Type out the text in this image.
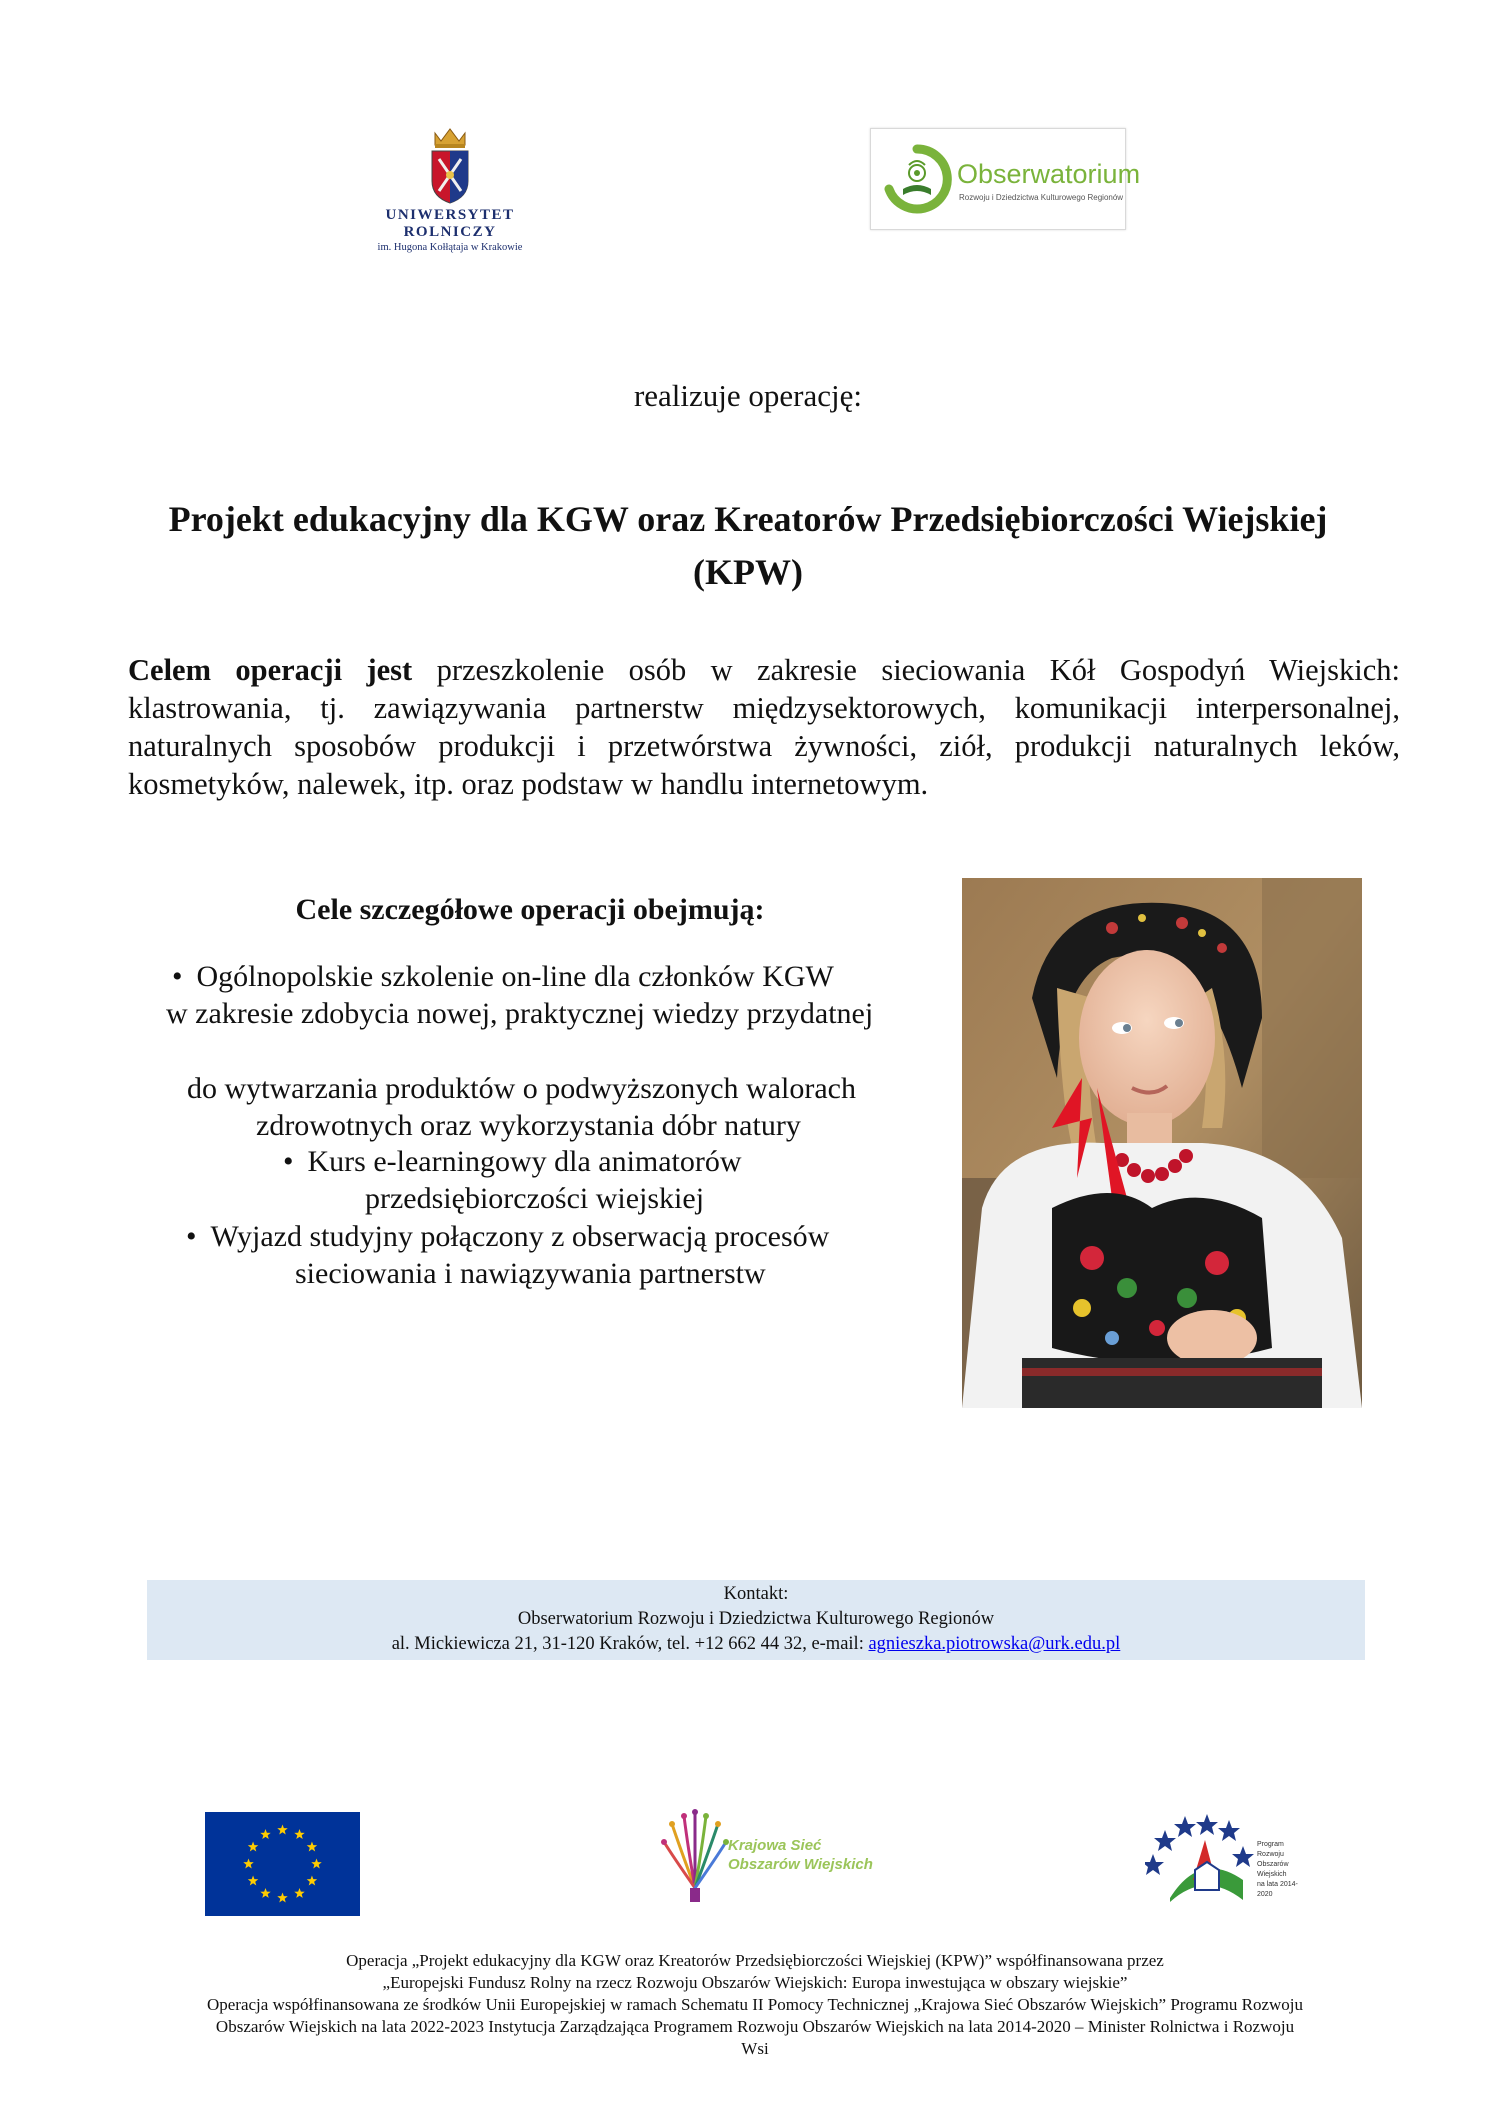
UNIWERSYTET ROLNICZY
im. Hugona Kołłątaja w Krakowie
Obserwatorium
Rozwoju i Dziedzictwa Kulturowego Regionów
realizuje operację:
Projekt edukacyjny dla KGW oraz Kreatorów Przedsiębiorczości Wiejskiej
(KPW)
Celem operacji jest przeszkolenie osób w zakresie sieciowania Kół Gospodyń Wiejskich: klastrowania, tj. zawiązywania partnerstw międzysektorowych, komunikacji interpersonalnej, naturalnych sposobów produkcji i przetwórstwa żywności, ziół, produkcji naturalnych leków, kosmetyków, nalewek, itp. oraz podstaw w handlu internetowym.
Cele szczegółowe operacji obejmują:
• Ogólnopolskie szkolenie on-line dla członków KGW
w zakresie zdobycia nowej, praktycznej wiedzy przydatnej
do wytwarzania produktów o podwyższonych walorach
zdrowotnych oraz wykorzystania dóbr natury
• Kurs e-learningowy dla animatorów
przedsiębiorczości wiejskiej
• Wyjazd studyjny połączony z obserwacją procesów
sieciowania i nawiązywania partnerstw
Kontakt:
Obserwatorium Rozwoju i Dziedzictwa Kulturowego Regionów
al. Mickiewicza 21, 31-120 Kraków, tel. +12 662 44 32, e-mail: agnieszka.piotrowska@urk.edu.pl
Krajowa Sieć
Obszarów Wiejskich
Program
Rozwoju
Obszarów
Wiejskich
na lata 2014-2020
Operacja „Projekt edukacyjny dla KGW oraz Kreatorów Przedsiębiorczości Wiejskiej (KPW)” współfinansowana przez
„Europejski Fundusz Rolny na rzecz Rozwoju Obszarów Wiejskich: Europa inwestująca w obszary wiejskie”
Operacja współfinansowana ze środków Unii Europejskiej w ramach Schematu II Pomocy Technicznej „Krajowa Sieć Obszarów Wiejskich” Programu Rozwoju
Obszarów Wiejskich na lata 2022-2023 Instytucja Zarządzająca Programem Rozwoju Obszarów Wiejskich na lata 2014-2020 – Minister Rolnictwa i Rozwoju
Wsi
